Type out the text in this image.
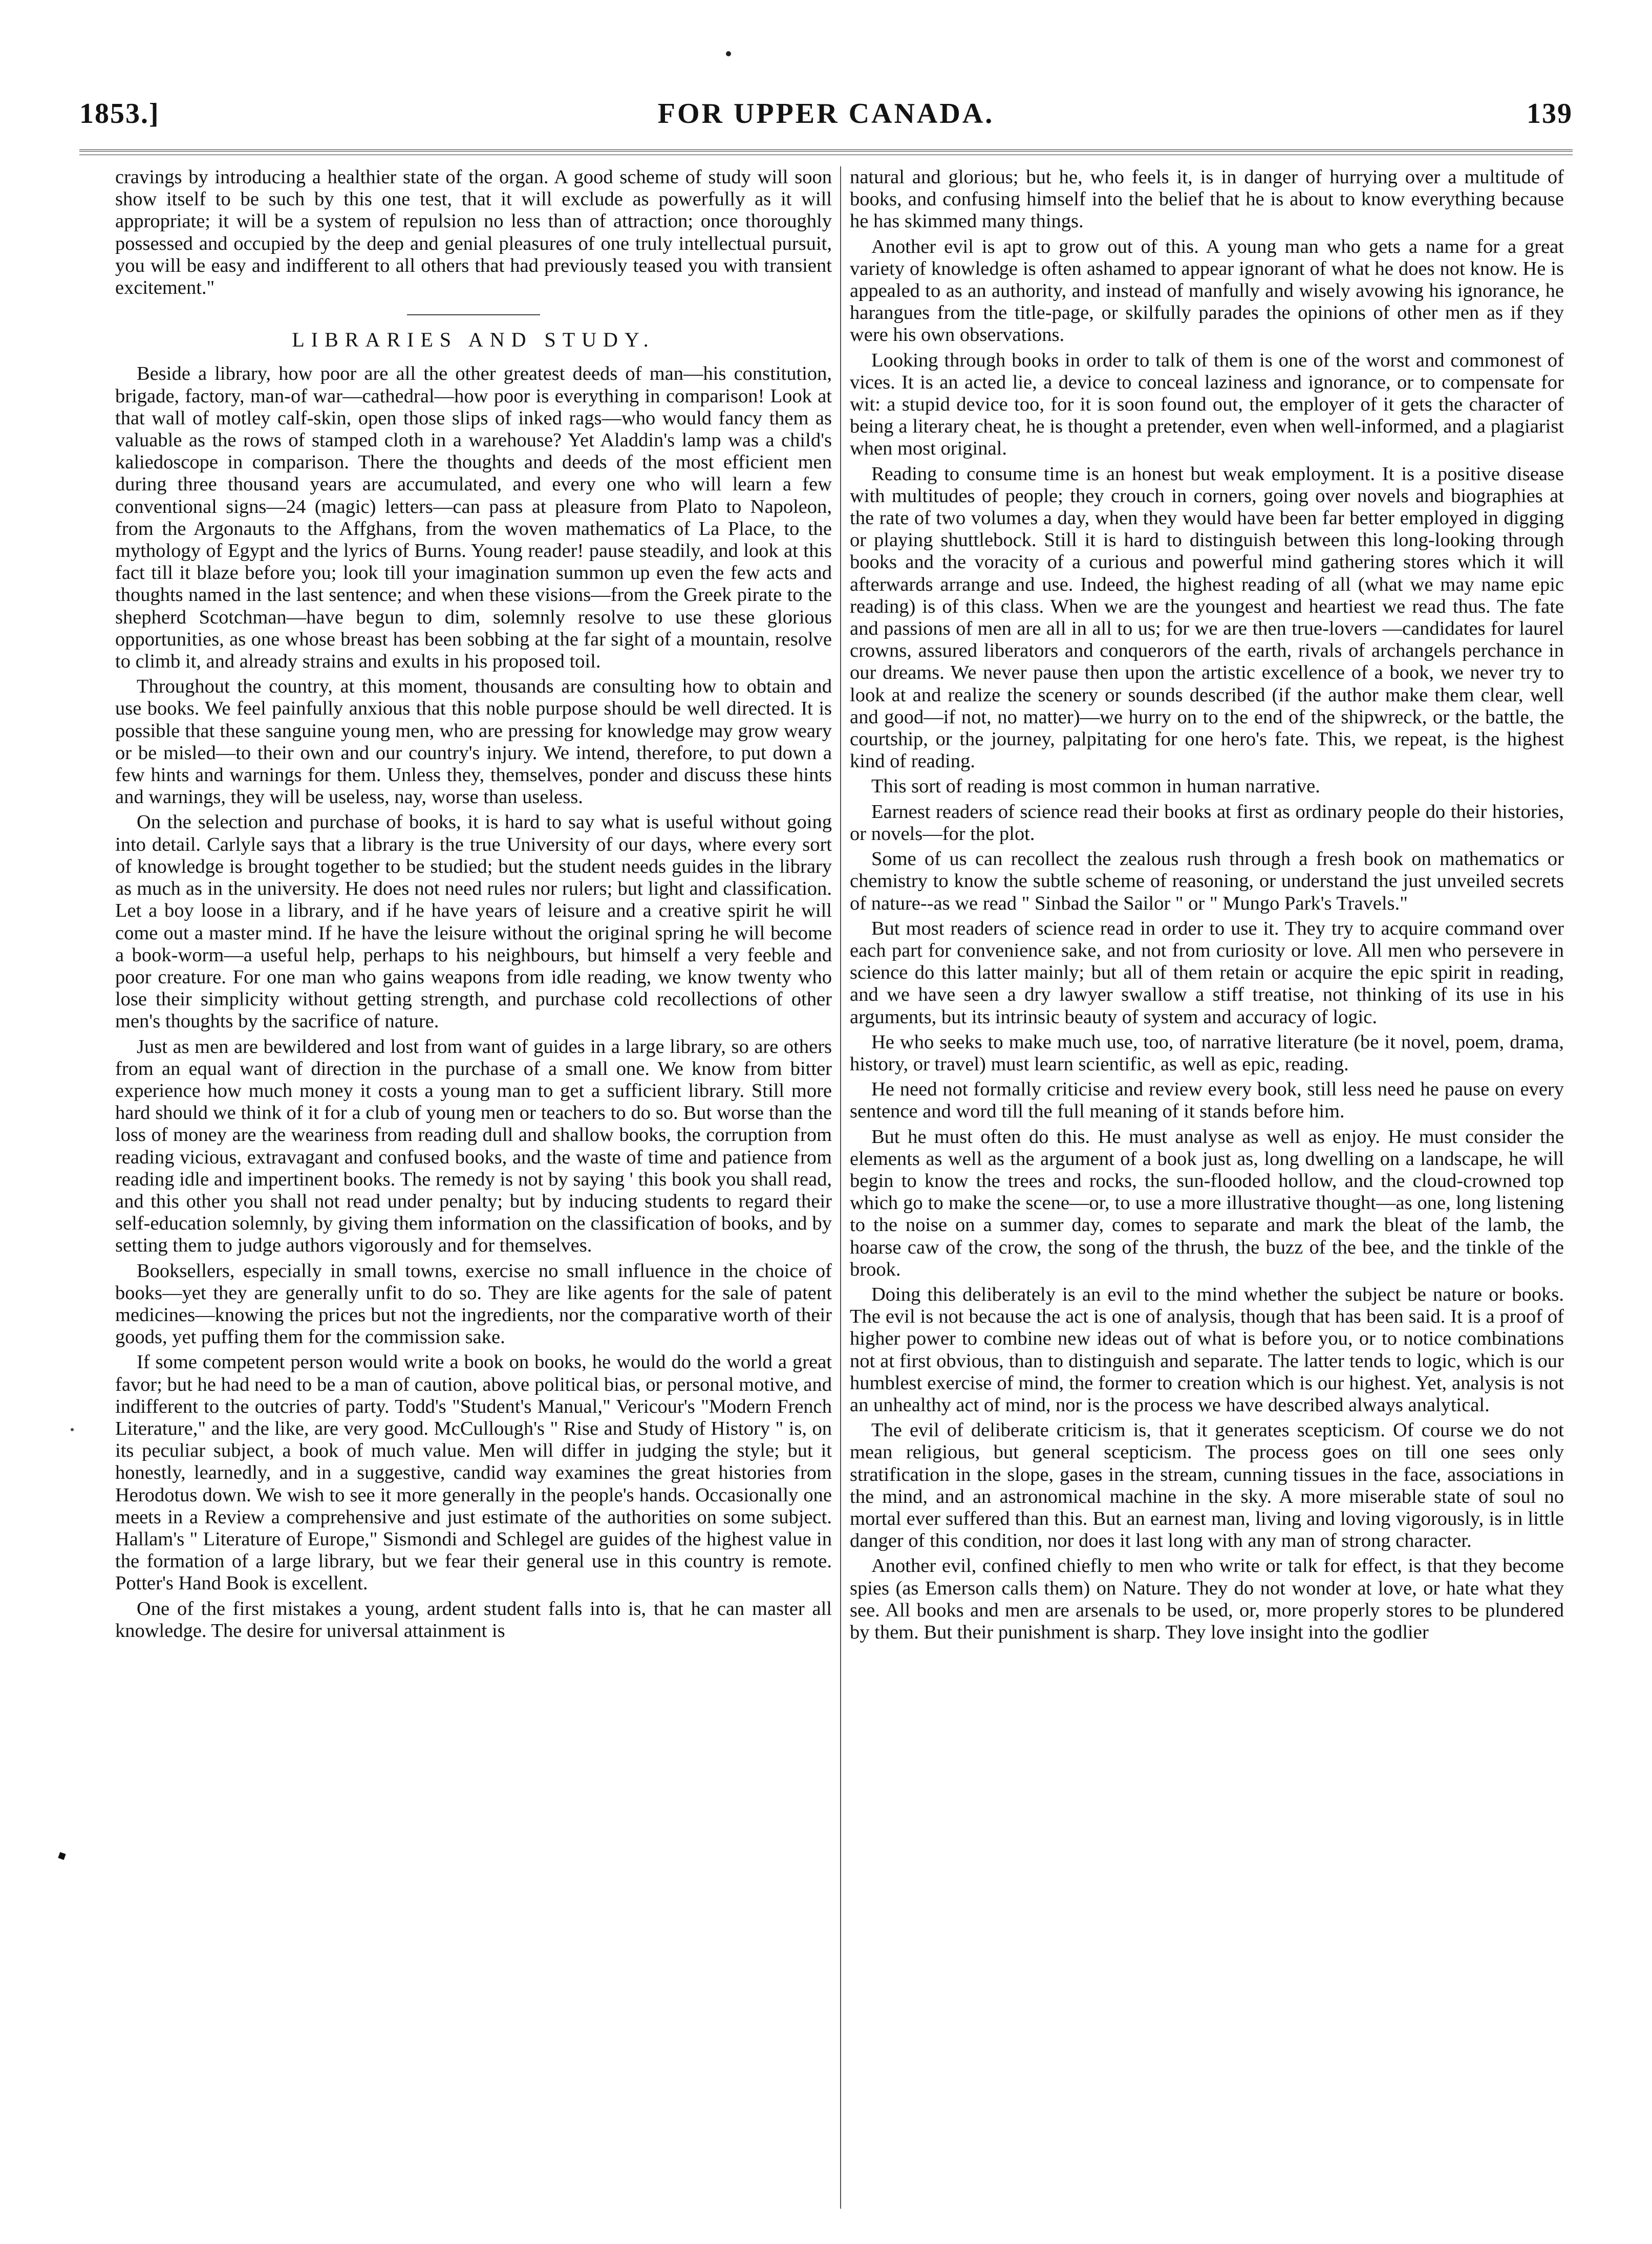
1853.]	FOR UPPER CANADA.	139

cravings by introducing a healthier state of the organ. A good scheme of study will soon show itself to be such by this one test, that it will exclude as powerfully as it will appropriate; it will be a system of repulsion no less than of attraction; once thoroughly possessed and occupied by the deep and genial pleasures of one truly intellectual pursuit, you will be easy and indifferent to all others that had previously teased you with transient excitement."

LIBRARIES AND STUDY.

Beside a library, how poor are all the other greatest deeds of man—his constitution, brigade, factory, man-of war—cathedral—how poor is everything in comparison! Look at that wall of motley calf-skin, open those slips of inked rags—who would fancy them as valuable as the rows of stamped cloth in a warehouse? Yet Aladdin's lamp was a child's kaliedoscope in comparison. There the thoughts and deeds of the most efficient men during three thousand years are accumulated, and every one who will learn a few conventional signs—24 (magic) letters—can pass at pleasure from Plato to Napoleon, from the Argonauts to the Affghans, from the woven mathematics of La Place, to the mythology of Egypt and the lyrics of Burns. Young reader! pause steadily, and look at this fact till it blaze before you; look till your imagination summon up even the few acts and thoughts named in the last sentence; and when these visions—from the Greek pirate to the shepherd Scotchman—have begun to dim, solemnly resolve to use these glorious opportunities, as one whose breast has been sobbing at the far sight of a mountain, resolve to climb it, and already strains and exults in his proposed toil.

Throughout the country, at this moment, thousands are consulting how to obtain and use books. We feel painfully anxious that this noble purpose should be well directed. It is possible that these sanguine young men, who are pressing for knowledge may grow weary or be misled—to their own and our country's injury. We intend, therefore, to put down a few hints and warnings for them. Unless they, themselves, ponder and discuss these hints and warnings, they will be useless, nay, worse than useless.

On the selection and purchase of books, it is hard to say what is useful without going into detail. Carlyle says that a library is the true University of our days, where every sort of knowledge is brought together to be studied; but the student needs guides in the library as much as in the university. He does not need rules nor rulers; but light and classification. Let a boy loose in a library, and if he have years of leisure and a creative spirit he will come out a master mind. If he have the leisure without the original spring he will become a book-worm—a useful help, perhaps to his neighbours, but himself a very feeble and poor creature. For one man who gains weapons from idle reading, we know twenty who lose their simplicity without getting strength, and purchase cold recollections of other men's thoughts by the sacrifice of nature.

Just as men are bewildered and lost from want of guides in a large library, so are others from an equal want of direction in the purchase of a small one. We know from bitter experience how much money it costs a young man to get a sufficient library. Still more hard should we think of it for a club of young men or teachers to do so. But worse than the loss of money are the weariness from reading dull and shallow books, the corruption from reading vicious, extravagant and confused books, and the waste of time and patience from reading idle and impertinent books. The remedy is not by saying ' this book you shall read, and this other you shall not read under penalty; but by inducing students to regard their self-education solemnly, by giving them information on the classification of books, and by setting them to judge authors vigorously and for themselves.

Booksellers, especially in small towns, exercise no small influence in the choice of books—yet they are generally unfit to do so. They are like agents for the sale of patent medicines—knowing the prices but not the ingredients, nor the comparative worth of their goods, yet puffing them for the commission sake.

If some competent person would write a book on books, he would do the world a great favor; but he had need to be a man of caution, above political bias, or personal motive, and indifferent to the outcries of party. Todd's "Student's Manual," Vericour's "Modern French Literature," and the like, are very good. McCullough's " Rise and Study of History " is, on its peculiar subject, a book of much value. Men will differ in judging the style; but it honestly, learnedly, and in a suggestive, candid way examines the great histories from Herodotus down. We wish to see it more generally in the people's hands. Occasionally one meets in a Review a comprehensive and just estimate of the authorities on some subject. Hallam's " Literature of Europe," Sismondi and Schlegel are guides of the highest value in the formation of a large library, but we fear their general use in this country is remote. Potter's Hand Book is excellent.

One of the first mistakes a young, ardent student falls into is, that he can master all knowledge. The desire for universal attainment is

natural and glorious; but he, who feels it, is in danger of hurrying over a multitude of books, and confusing himself into the belief that he is about to know everything because he has skimmed many things.

Another evil is apt to grow out of this. A young man who gets a name for a great variety of knowledge is often ashamed to appear ignorant of what he does not know. He is appealed to as an authority, and instead of manfully and wisely avowing his ignorance, he harangues from the title-page, or skilfully parades the opinions of other men as if they were his own observations.

Looking through books in order to talk of them is one of the worst and commonest of vices. It is an acted lie, a device to conceal laziness and ignorance, or to compensate for wit: a stupid device too, for it is soon found out, the employer of it gets the character of being a literary cheat, he is thought a pretender, even when well-informed, and a plagiarist when most original.

Reading to consume time is an honest but weak employment. It is a positive disease with multitudes of people; they crouch in corners, going over novels and biographies at the rate of two volumes a day, when they would have been far better employed in digging or playing shuttlebock. Still it is hard to distinguish between this long-looking through books and the voracity of a curious and powerful mind gathering stores which it will afterwards arrange and use. Indeed, the highest reading of all (what we may name epic reading) is of this class. When we are the youngest and heartiest we read thus. The fate and passions of men are all in all to us; for we are then true-lovers —candidates for laurel crowns, assured liberators and conquerors of the earth, rivals of archangels perchance in our dreams. We never pause then upon the artistic excellence of a book, we never try to look at and realize the scenery or sounds described (if the author make them clear, well and good—if not, no matter)—we hurry on to the end of the shipwreck, or the battle, the courtship, or the journey, palpitating for one hero's fate. This, we repeat, is the highest kind of reading.

This sort of reading is most common in human narrative.

Earnest readers of science read their books at first as ordinary people do their histories, or novels—for the plot.

Some of us can recollect the zealous rush through a fresh book on mathematics or chemistry to know the subtle scheme of reasoning, or understand the just unveiled secrets of nature--as we read " Sinbad the Sailor " or " Mungo Park's Travels."

But most readers of science read in order to use it. They try to acquire command over each part for convenience sake, and not from curiosity or love. All men who persevere in science do this latter mainly; but all of them retain or acquire the epic spirit in reading, and we have seen a dry lawyer swallow a stiff treatise, not thinking of its use in his arguments, but its intrinsic beauty of system and accuracy of logic.

He who seeks to make much use, too, of narrative literature (be it novel, poem, drama, history, or travel) must learn scientific, as well as epic, reading.

He need not formally criticise and review every book, still less need he pause on every sentence and word till the full meaning of it stands before him.

But he must often do this. He must analyse as well as enjoy. He must consider the elements as well as the argument of a book just as, long dwelling on a landscape, he will begin to know the trees and rocks, the sun-flooded hollow, and the cloud-crowned top which go to make the scene—or, to use a more illustrative thought—as one, long listening to the noise on a summer day, comes to separate and mark the bleat of the lamb, the hoarse caw of the crow, the song of the thrush, the buzz of the bee, and the tinkle of the brook.

Doing this deliberately is an evil to the mind whether the subject be nature or books. The evil is not because the act is one of analysis, though that has been said. It is a proof of higher power to combine new ideas out of what is before you, or to notice combinations not at first obvious, than to distinguish and separate. The latter tends to logic, which is our humblest exercise of mind, the former to creation which is our highest. Yet, analysis is not an unhealthy act of mind, nor is the process we have described always analytical.

The evil of deliberate criticism is, that it generates scepticism. Of course we do not mean religious, but general scepticism. The process goes on till one sees only stratification in the slope, gases in the stream, cunning tissues in the face, associations in the mind, and an astronomical machine in the sky. A more miserable state of soul no mortal ever suffered than this. But an earnest man, living and loving vigorously, is in little danger of this condition, nor does it last long with any man of strong character.

Another evil, confined chiefly to men who write or talk for effect, is that they become spies (as Emerson calls them) on Nature. They do not wonder at love, or hate what they see. All books and men are arsenals to be used, or, more properly stores to be plundered by them. But their punishment is sharp. They love insight into the godlier
